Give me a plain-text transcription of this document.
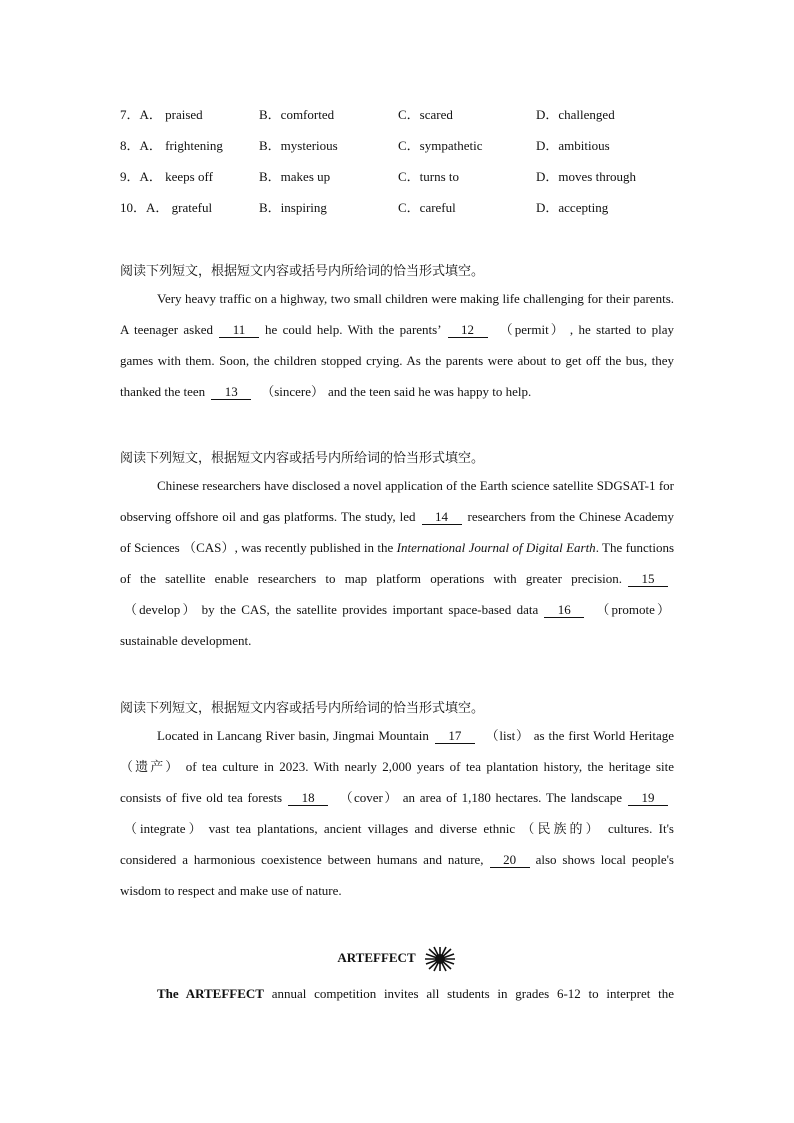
7．A． praised	B．comforted	C．scared	D．challenged
8．A． frightening	B．mysterious	C．sympathetic	D．ambitious
9．A． keeps off	B．makes up	C．turns to	D．moves through
10．A． grateful	B．inspiring	C．careful	D．accepting
阅读下列短文，根据短文内容或括号内所给词的恰当形式填空。
Very heavy traffic on a highway, two small children were making life challenging for their parents. A teenager asked 11 he could help. With the parents’ 12 （permit） , he started to play games with them. Soon, the children stopped crying. As the parents were about to get off the bus, they thanked the teen 13 （sincere） and the teen said he was happy to help.
阅读下列短文，根据短文内容或括号内所给词的恰当形式填空。
Chinese researchers have disclosed a novel application of the Earth science satellite SDGSAT-1 for observing offshore oil and gas platforms. The study, led 14 researchers from the Chinese Academy of Sciences （CAS）, was recently published in the International Journal of Digital Earth. The functions of the satellite enable researchers to map platform operations with greater precision. 15（develop） by the CAS, the satellite provides important space-based data 16 （promote）sustainable development.
阅读下列短文，根据短文内容或括号内所给词的恰当形式填空。
Located in Lancang River basin, Jingmai Mountain 17 （list） as the first World Heritage （遗产） of tea culture in 2023. With nearly 2,000 years of tea plantation history, the heritage site consists of five old tea forests 18 （cover） an area of 1,180 hectares. The landscape 19（integrate） vast tea plantations, ancient villages and diverse ethnic （民族的） cultures. It's considered a harmonious coexistence between humans and nature, 20 also shows local people's wisdom to respect and make use of nature.
ARTEFFECT
The ARTEFFECT annual competition invites all students in grades 6-12 to interpret the
